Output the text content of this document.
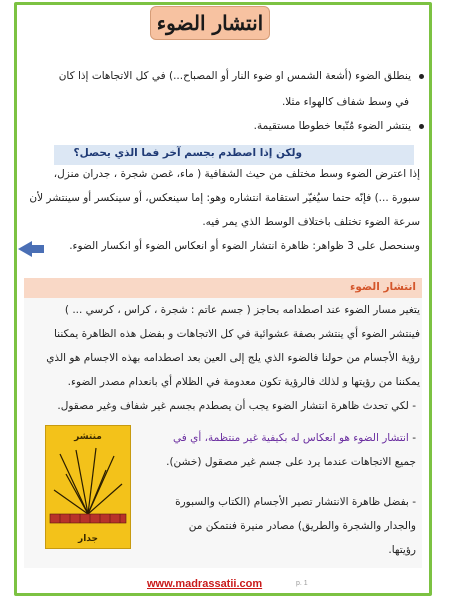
انتشار الضوء
ينطلق الضوء (أشعة الشمس او ضوء النار أو المصباح...) في كل الاتجاهات إذا كان
في وسط شفاف كالهواء مثلا.
ينتشر الضوء مُتّبعا خطوطا مستقيمة.
ولكن إذا اصطدم بجسم آخر فما الذي يحصل؟
إذا اعترض الضوء وسط مختلف من حيث الشفافية ( ماء، غصن شجرة ، جدران منزل،
سبورة ...) فإنّه حتما سيُغيّر استقامة انتشاره وهو: إما سينعكس، أو سينكسر أو سينتشر لأن
سرعة الضوء تختلف باختلاف الوسط الذي يمر فيه.
وسنحصل على 3 ظواهر: ظاهرة انتشار الضوء أو انعكاس الضوء أو انكسار الضوء.
انتشار الضوء
يتغير مسار الضوء عند اصطدامه بحاجز ( جسم عاتم : شجرة ، كراس ، كرسي ... )
فينتشر الضوء أي ينتشر بصفة عشوائية في كل الاتجاهات و بفضل هذه الظاهرة يمكننا
رؤية الأجسام من حولنا فالضوء الذي يلج إلى العين بعد اصطدامه بهذه الاجسام هو الذي
يمكننا من رؤيتها و لذلك فالرؤية تكون معدومة في الظلام أي بانعدام مصدر الضوء.
- لكي تحدث ظاهرة انتشار الضوء يجب أن يصطدم بجسم غير شفاف وغير مصقول.
- انتشار الضوء هو انعكاس له بكيفية غير منتظمة، أي في
جميع الاتجاهات عندما يرد على جسم غير مصقول (خشن).
- بفضل ظاهرة الانتشار تصير الأجسام (الكتاب والسبورة
والجدار والشجرة والطريق) مصادر منيرة فنتمكن من
رؤيتها.
منتشر
جدار
www.madrassatii.com	p. 1
